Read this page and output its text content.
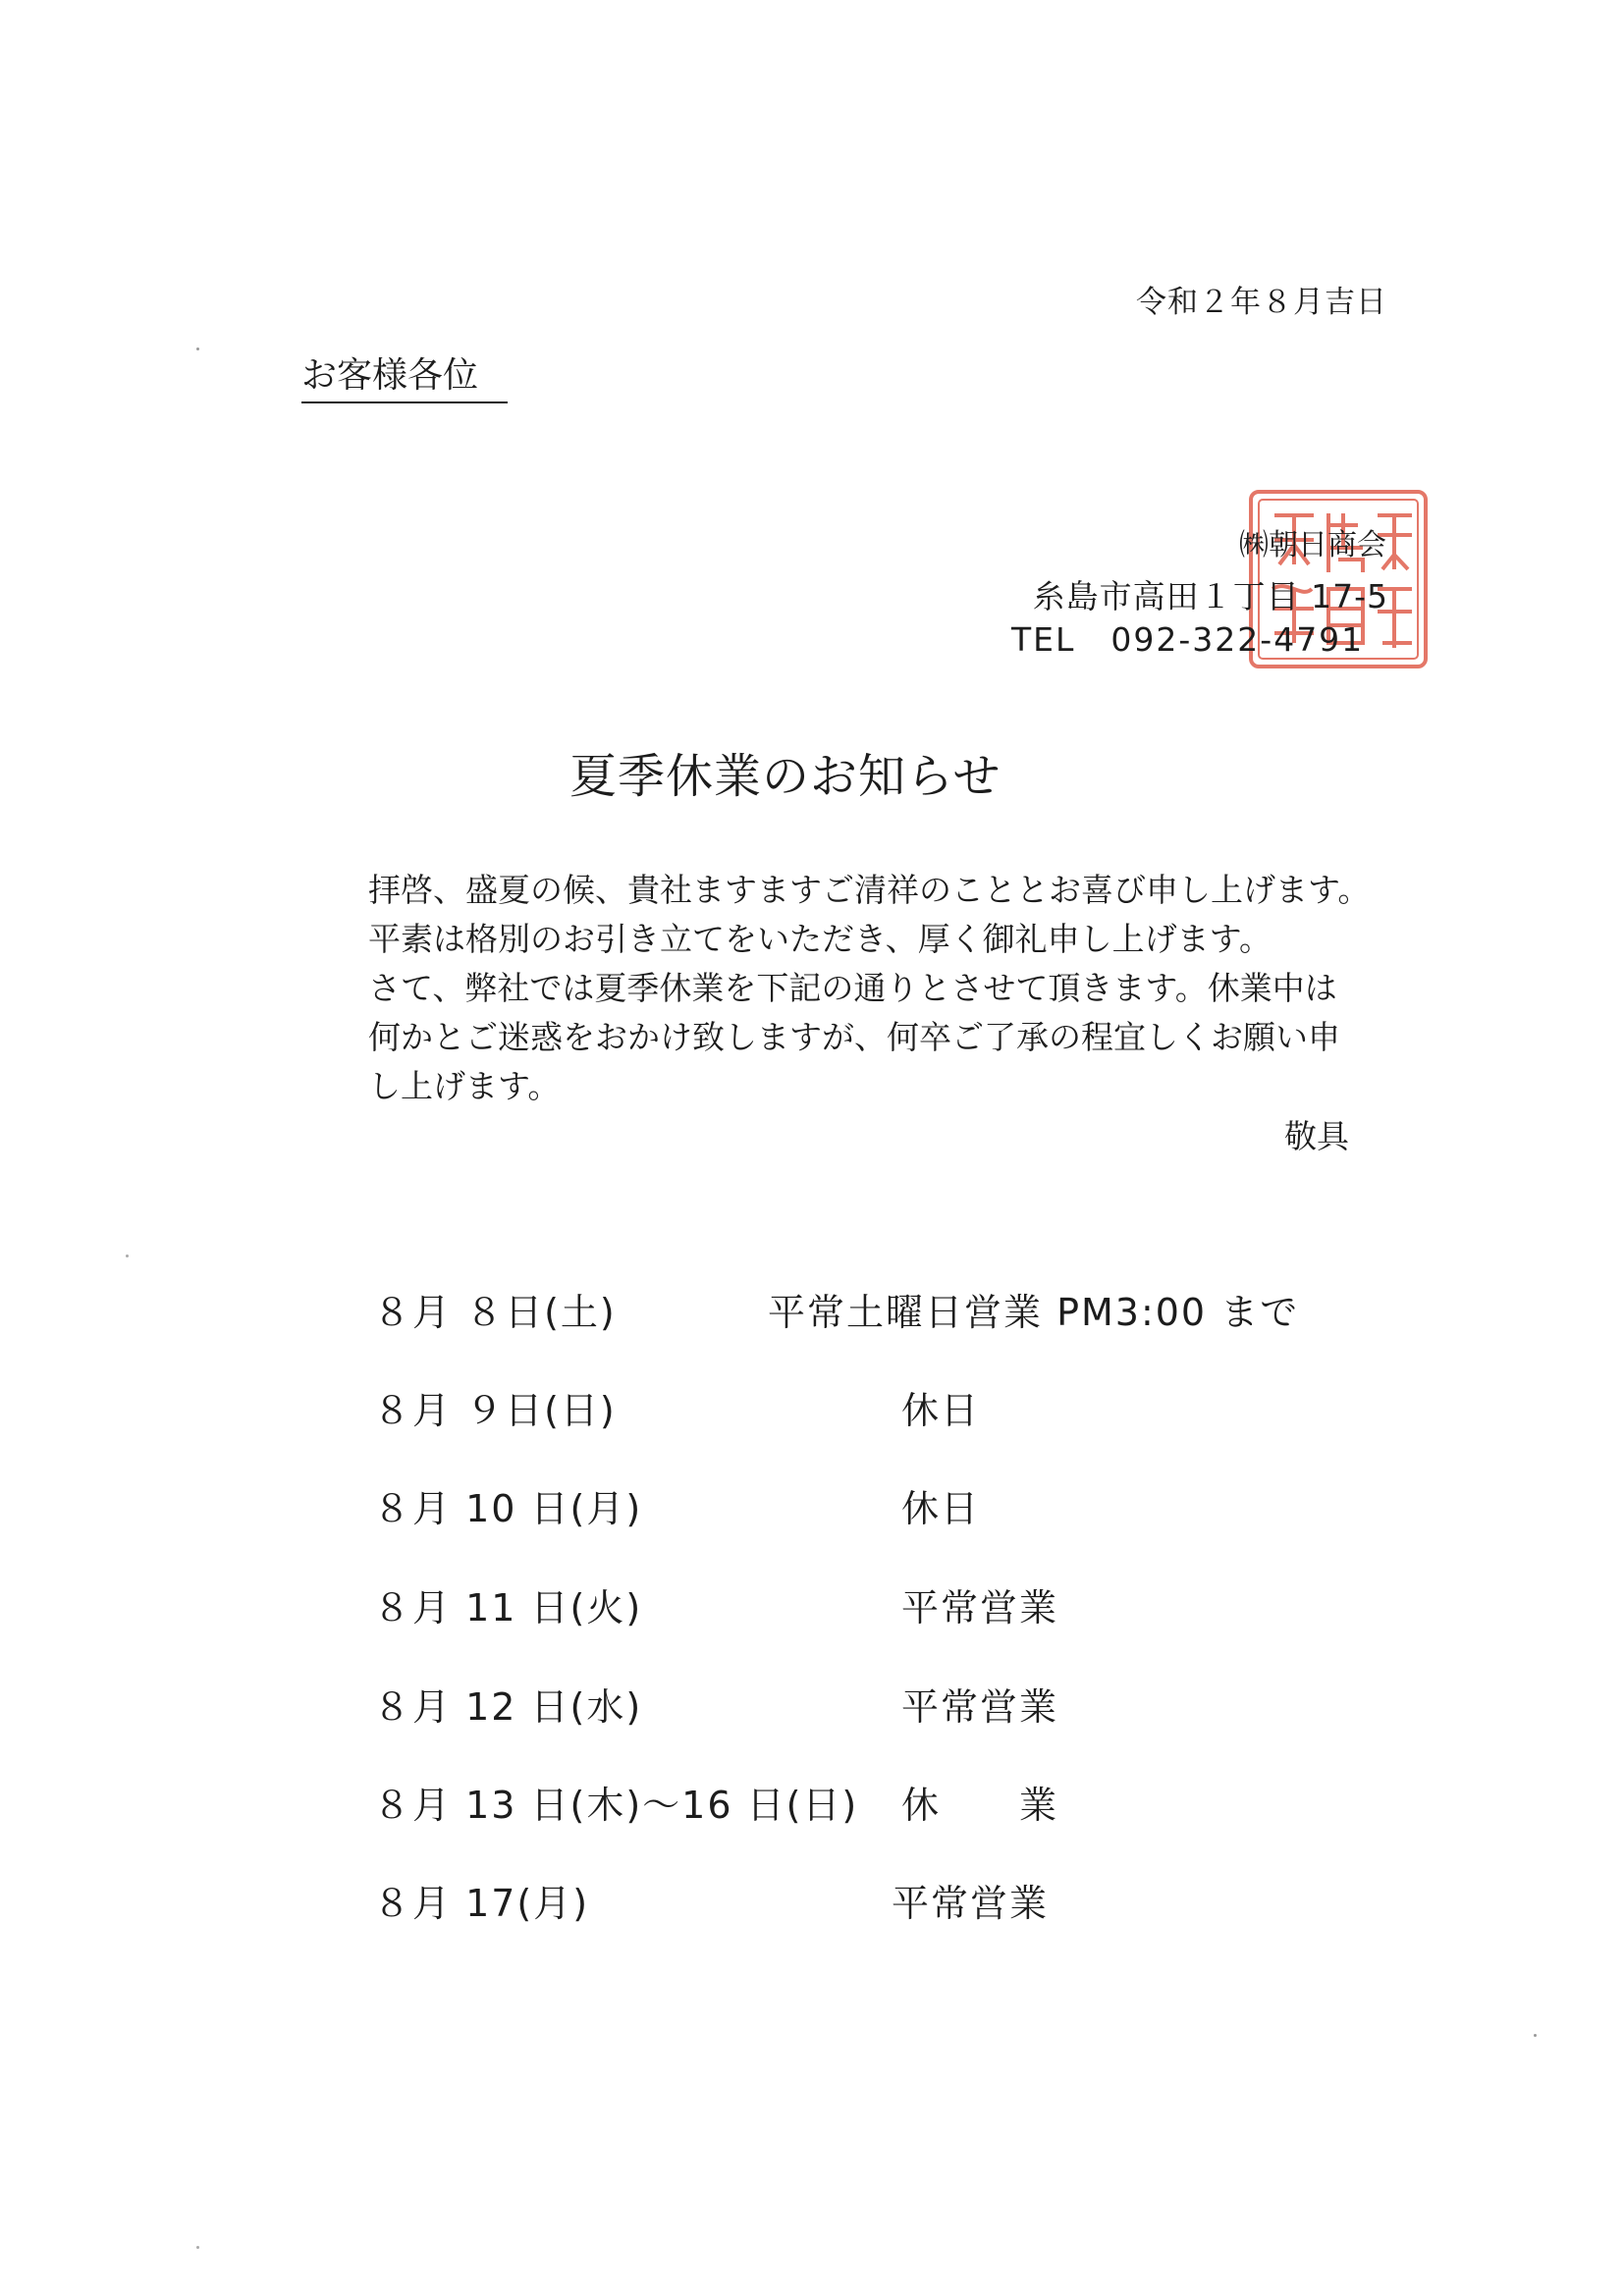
令和２年８月吉日
お客様各位
㈱朝日商会
糸島市高田１丁目 17-5
TEL 092-322-4791
夏季休業のお知らせ
拝啓、盛夏の候、貴社ますますご清祥のこととお喜び申し上げます。
平素は格別のお引き立てをいただき、厚く御礼申し上げます。
さて、弊社では夏季休業を下記の通りとさせて頂きます。休業中は
何かとご迷惑をおかけ致しますが、何卒ご了承の程宜しくお願い申
し上げます。
敬具
８月 ８日(土)	平常土曜日営業 PM3:00 まで
８月 ９日(日)	休日
８月 10 日(月)	休日
８月 11 日(火)	平常営業
８月 12 日(水)	平常営業
８月 13 日(木)～16 日(日) 休　　業
８月 17(月)	平常営業
